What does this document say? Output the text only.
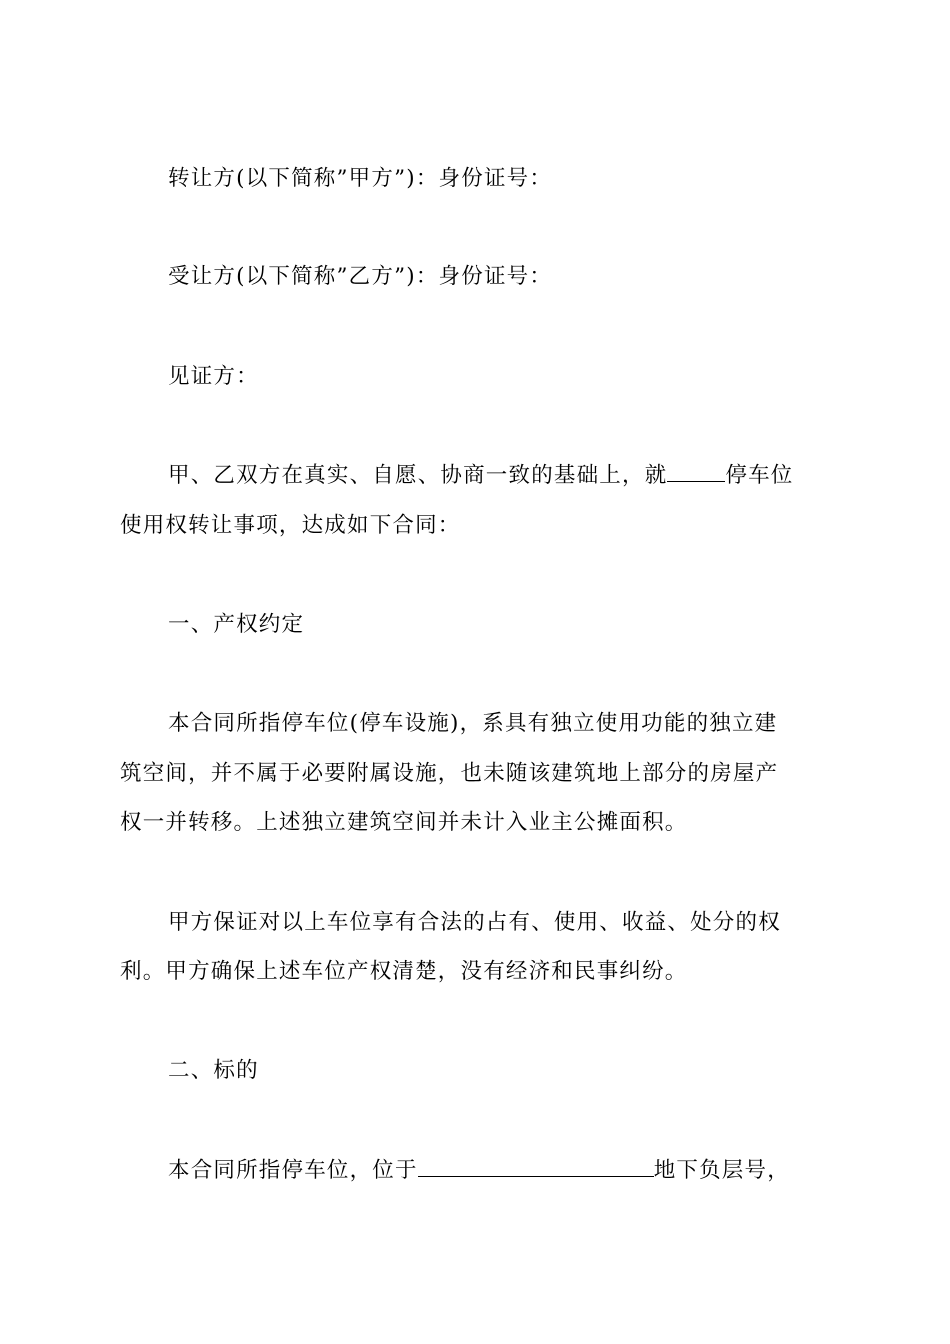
转让方(以下简称”甲方”)：身份证号：
受让方(以下简称”乙方”)：身份证号：
见证方：
甲、乙双方在真实、自愿、协商一致的基础上，就	停车位
使用权转让事项，达成如下合同：
一、产权约定
本合同所指停车位(停车设施)，系具有独立使用功能的独立建
筑空间，并不属于必要附属设施，也未随该建筑地上部分的房屋产
权一并转移。上述独立建筑空间并未计入业主公摊面积。
甲方保证对以上车位享有合法的占有、使用、收益、处分的权
利。甲方确保上述车位产权清楚，没有经济和民事纠纷。
二、标的
本合同所指停车位，位于	地下负层号，
